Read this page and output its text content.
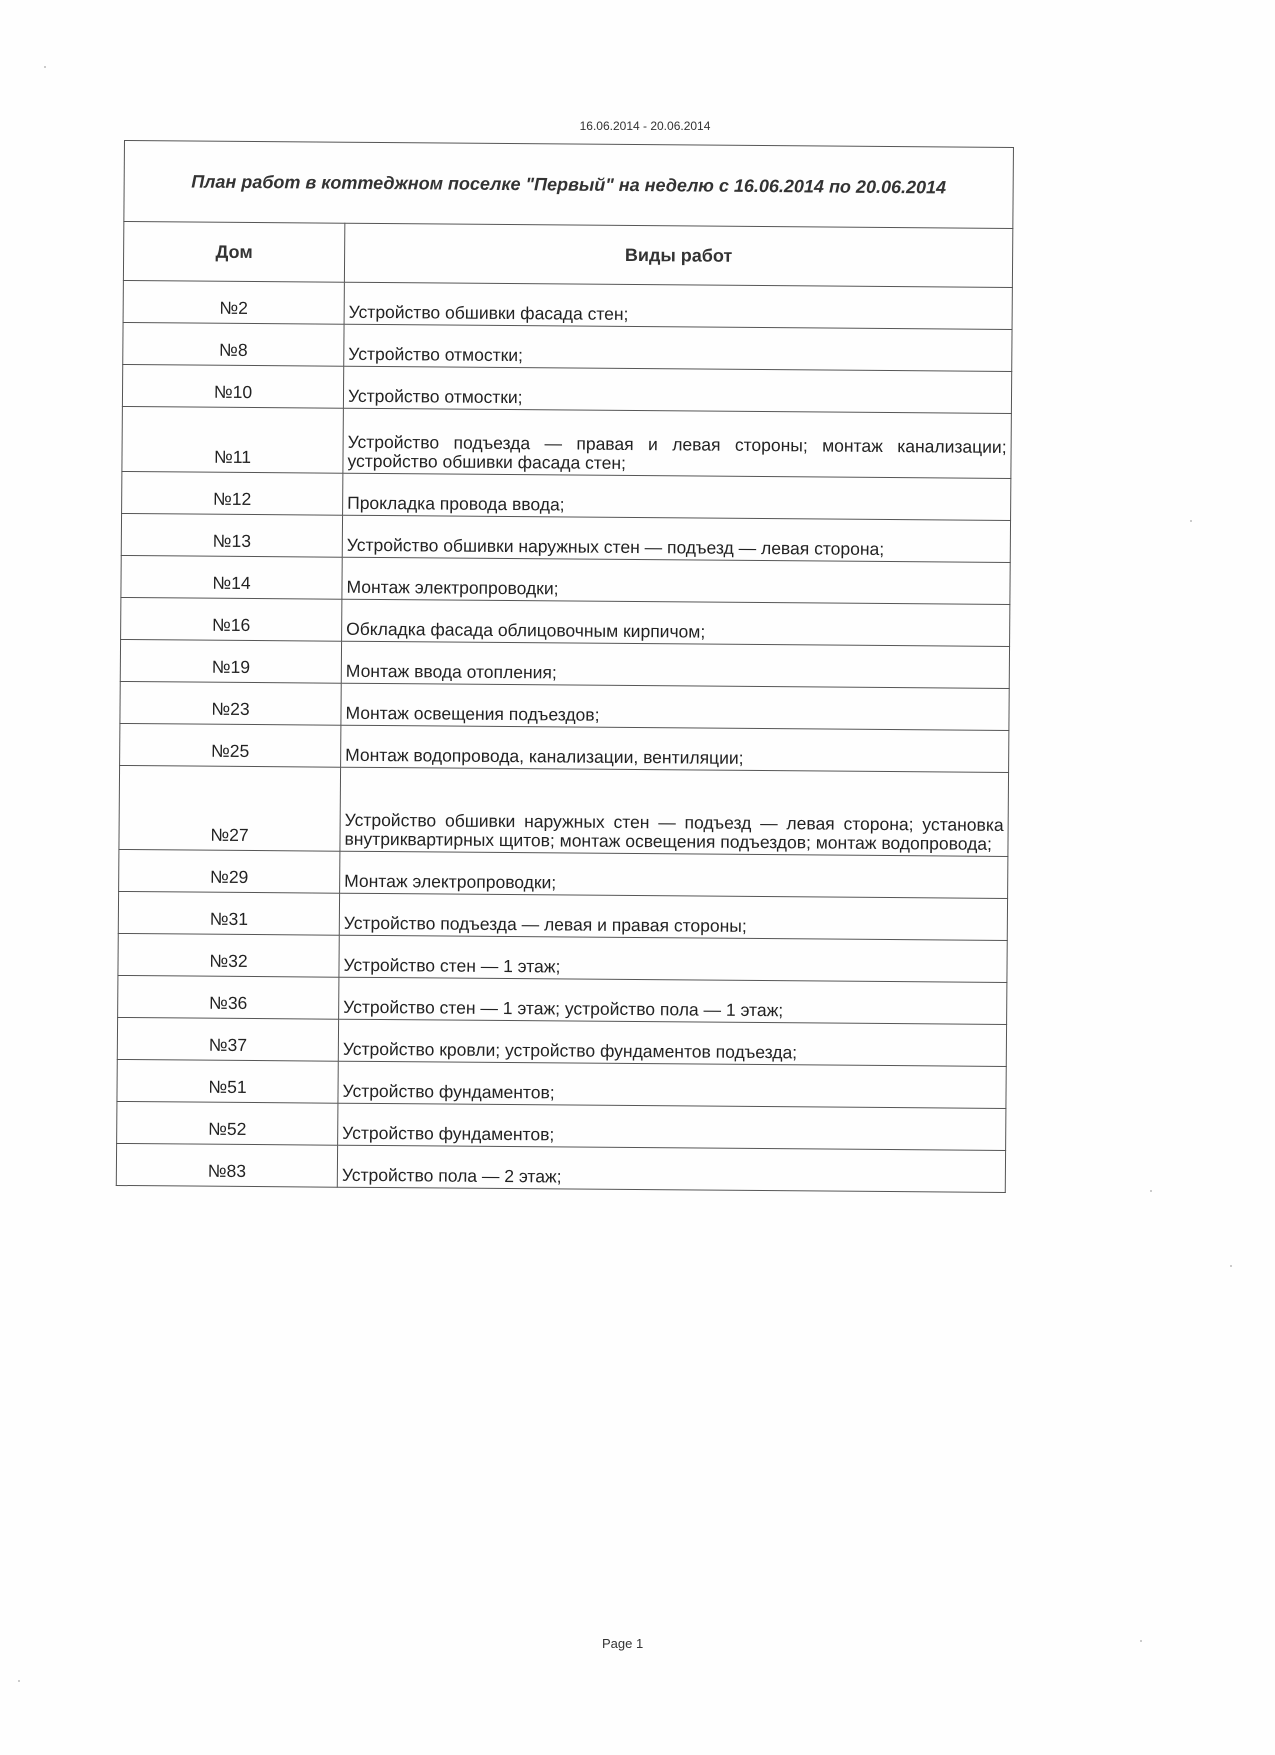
16.06.2014 - 20.06.2014
План работ в коттеджном поселке "Первый" на неделю с 16.06.2014 по 20.06.2014	
Дом	Виды работ
№2	Устройство обшивки фасада стен;
№8	Устройство отмостки;
№10	Устройство отмостки;
№11	Устройство подъезда — правая и левая стороны; монтаж канализации; устройство обшивки фасада стен;
№12	Прокладка провода ввода;
№13	Устройство обшивки наружных стен — подъезд — левая сторона;
№14	Монтаж электропроводки;
№16	Обкладка фасада облицовочным кирпичом;
№19	Монтаж ввода отопления;
№23	Монтаж освещения подъездов;
№25	Монтаж водопровода, канализации, вентиляции;
№27	Устройство обшивки наружных стен — подъезд — левая сторона; установка внутриквартирных щитов; монтаж освещения подъездов; монтаж водопровода;
№29	Монтаж электропроводки;
№31	Устройство подъезда — левая и правая стороны;
№32	Устройство стен — 1 этаж;
№36	Устройство стен — 1 этаж; устройство пола — 1 этаж;
№37	Устройство кровли; устройство фундаментов подъезда;
№51	Устройство фундаментов;
№52	Устройство фундаментов;
№83	Устройство пола — 2 этаж;
Page 1
